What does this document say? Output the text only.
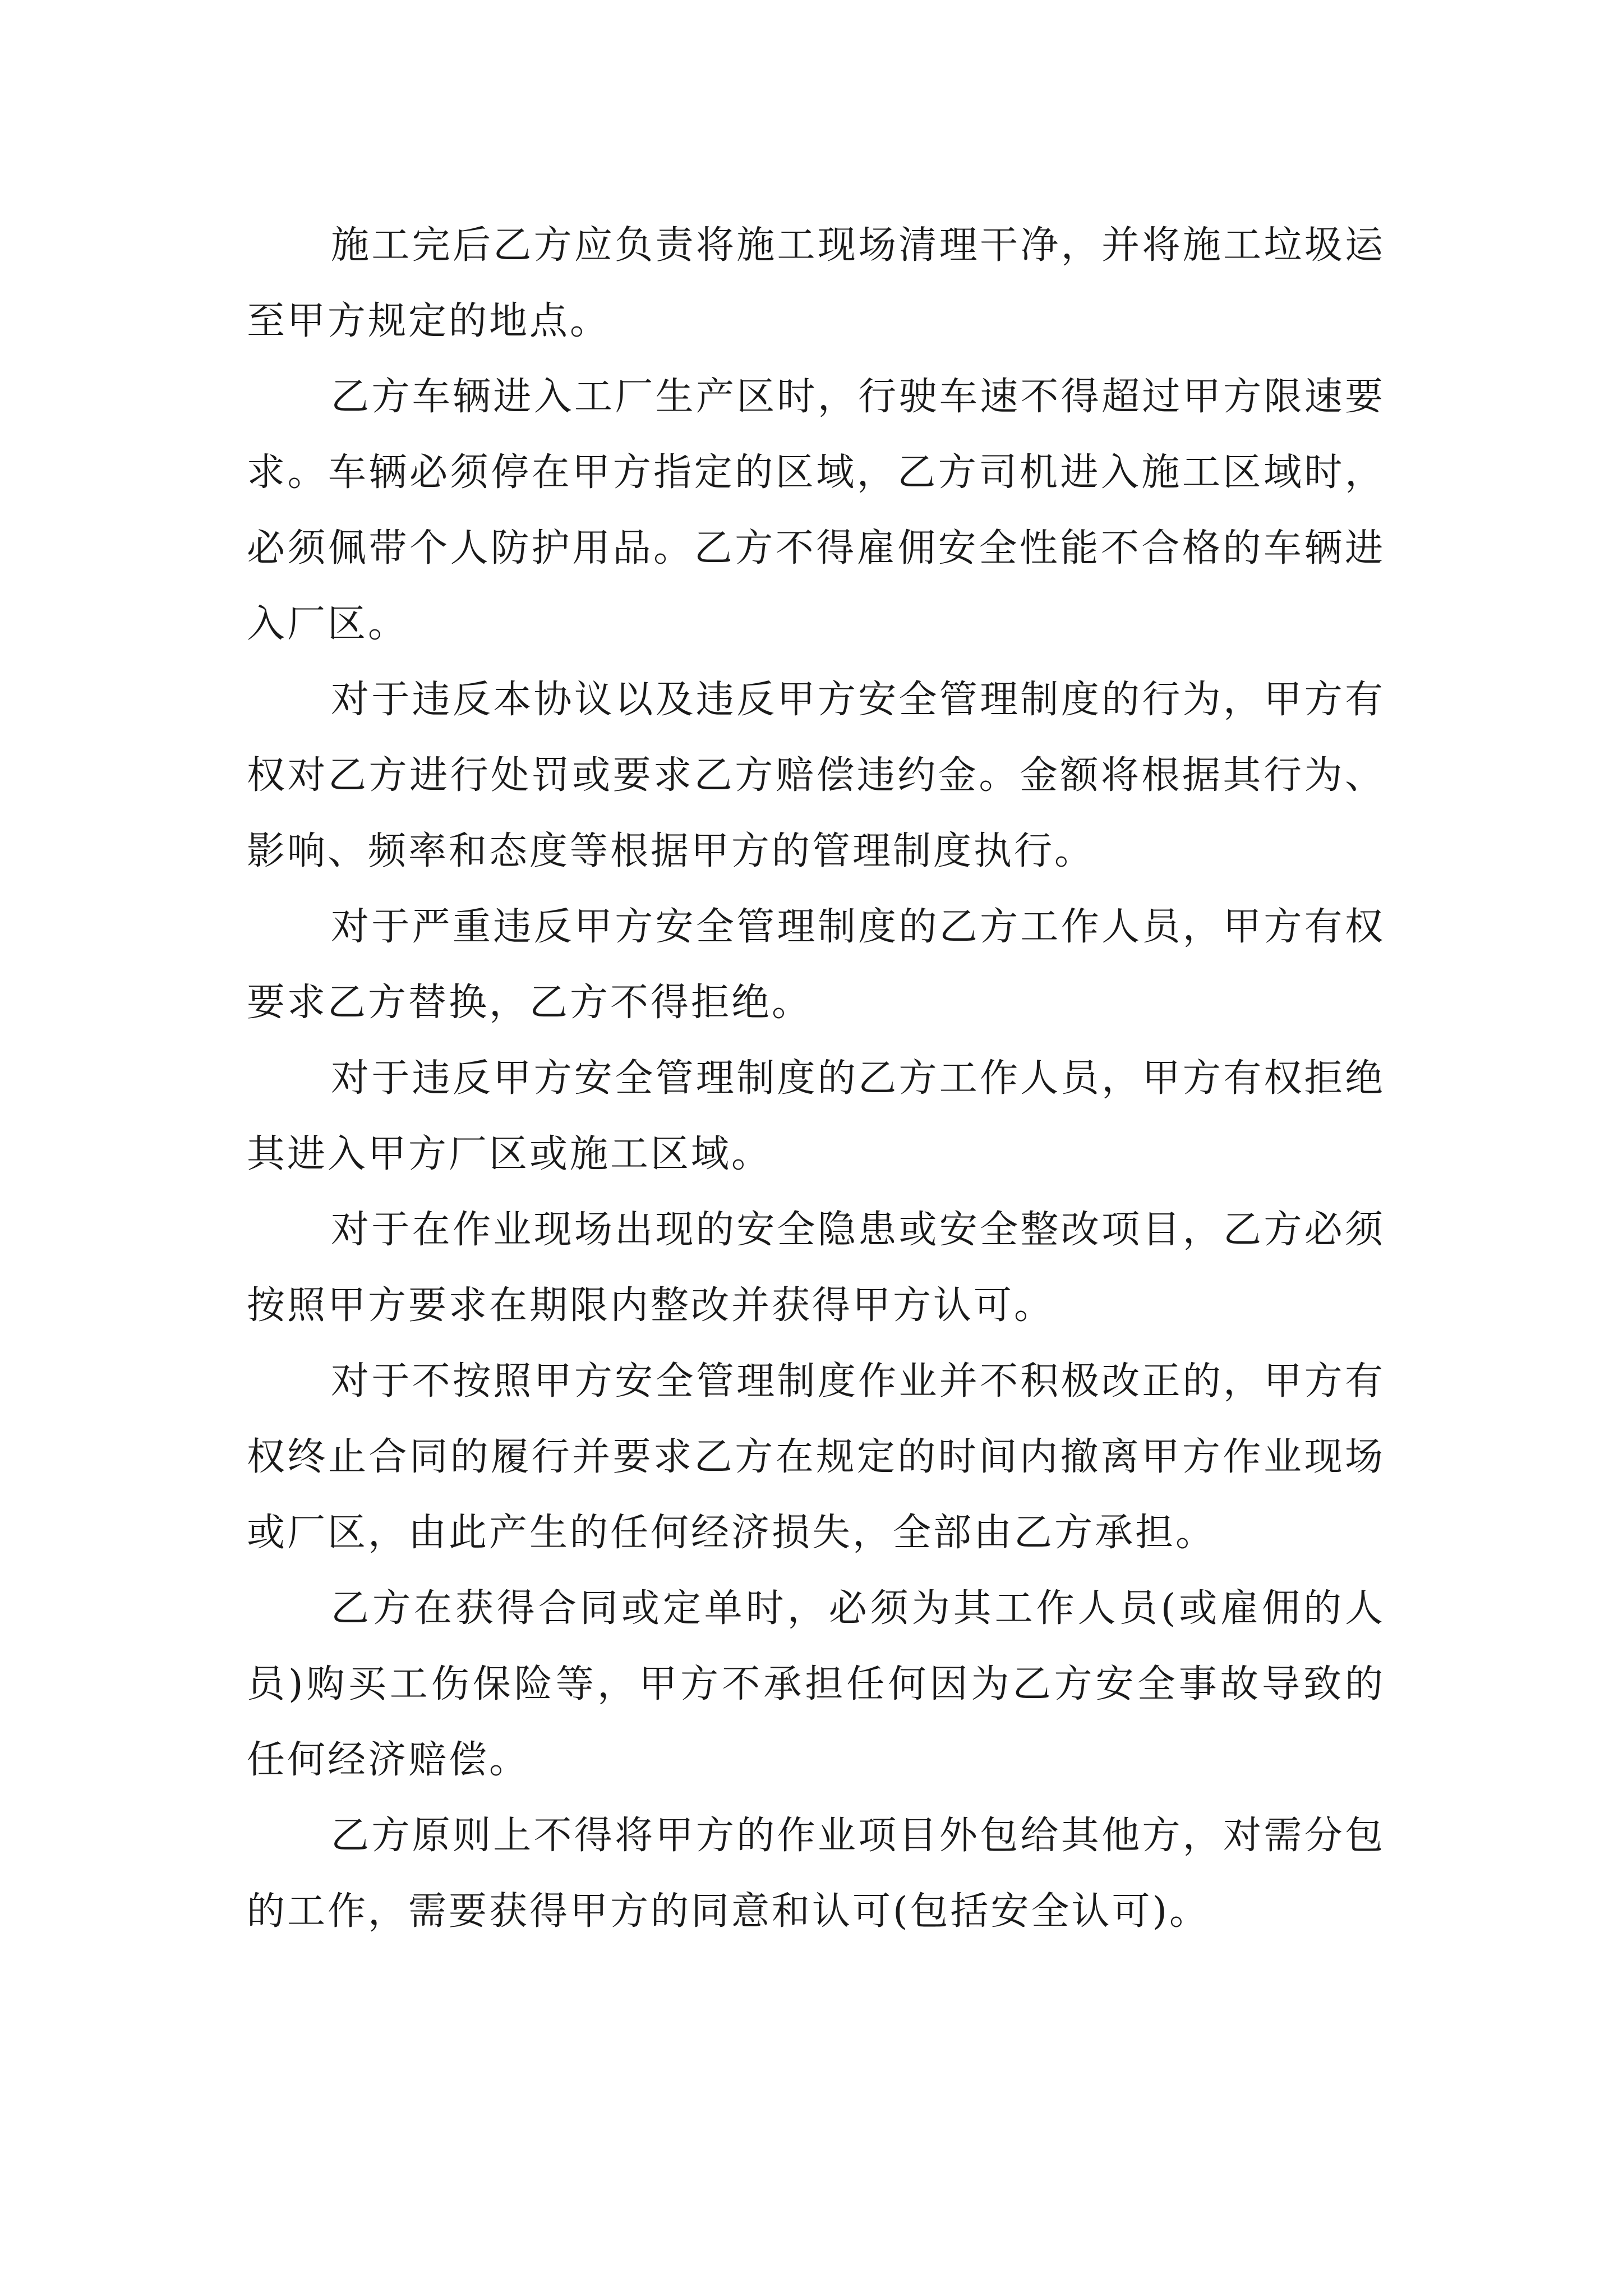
施工完后乙方应负责将施工现场清理干净，并将施工垃圾运至甲方规定的地点。

乙方车辆进入工厂生产区时，行驶车速不得超过甲方限速要求。车辆必须停在甲方指定的区域，乙方司机进入施工区域时，必须佩带个人防护用品。乙方不得雇佣安全性能不合格的车辆进入厂区。

对于违反本协议以及违反甲方安全管理制度的行为，甲方有权对乙方进行处罚或要求乙方赔偿违约金。金额将根据其行为、影响、频率和态度等根据甲方的管理制度执行。

对于严重违反甲方安全管理制度的乙方工作人员，甲方有权要求乙方替换，乙方不得拒绝。

对于违反甲方安全管理制度的乙方工作人员，甲方有权拒绝其进入甲方厂区或施工区域。

对于在作业现场出现的安全隐患或安全整改项目，乙方必须按照甲方要求在期限内整改并获得甲方认可。

对于不按照甲方安全管理制度作业并不积极改正的，甲方有权终止合同的履行并要求乙方在规定的时间内撤离甲方作业现场或厂区，由此产生的任何经济损失，全部由乙方承担。

乙方在获得合同或定单时，必须为其工作人员(或雇佣的人员)购买工伤保险等，甲方不承担任何因为乙方安全事故导致的任何经济赔偿。

乙方原则上不得将甲方的作业项目外包给其他方，对需分包的工作，需要获得甲方的同意和认可(包括安全认可)。
